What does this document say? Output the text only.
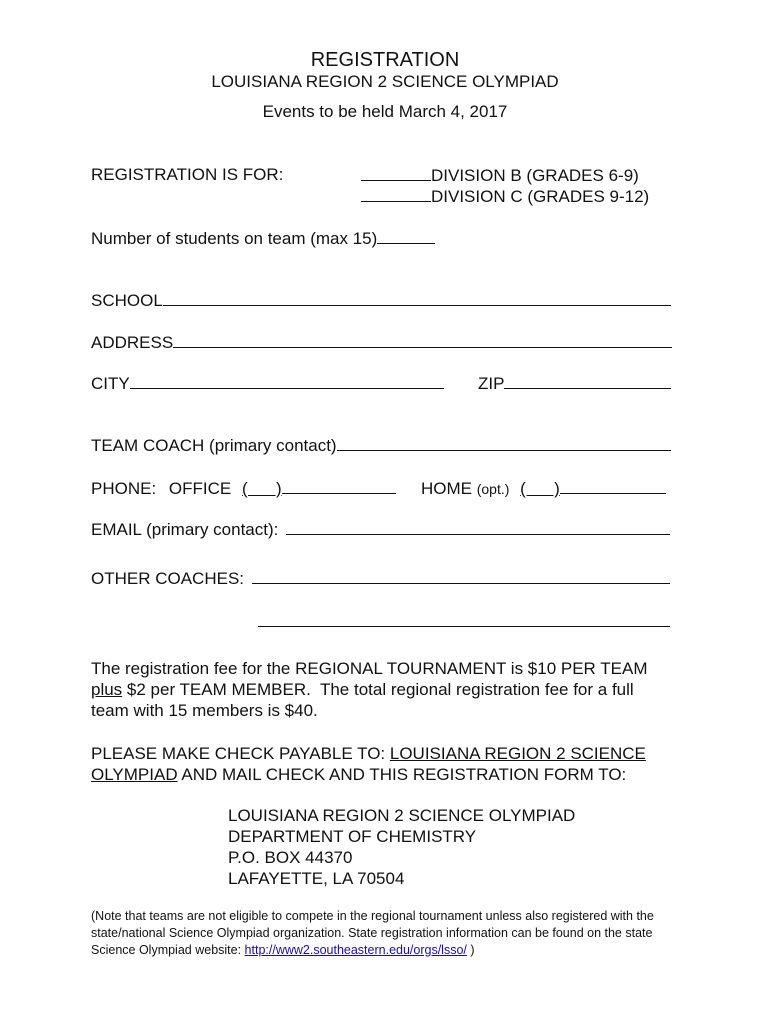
REGISTRATION
LOUISIANA REGION 2 SCIENCE OLYMPIAD
Events to be held March 4, 2017
REGISTRATION IS FOR:	DIVISION B (GRADES 6-9)
DIVISION C (GRADES 9-12)
Number of students on team (max 15)
SCHOOL
ADDRESS
CITY	ZIP
TEAM COACH (primary contact)
PHONE: OFFICE (      )	HOME (opt.) (      )
EMAIL (primary contact):
OTHER COACHES:
The registration fee for the REGIONAL TOURNAMENT is $10 PER TEAM
plus $2 per TEAM MEMBER.  The total regional registration fee for a full
team with 15 members is $40.
PLEASE MAKE CHECK PAYABLE TO: LOUISIANA REGION 2 SCIENCE
OLYMPIAD AND MAIL CHECK AND THIS REGISTRATION FORM TO:
LOUISIANA REGION 2 SCIENCE OLYMPIAD
DEPARTMENT OF CHEMISTRY
P.O. BOX 44370
LAFAYETTE, LA 70504
(Note that teams are not eligible to compete in the regional tournament unless also registered with the state/national Science Olympiad organization. State registration information can be found on the state Science Olympiad website: http://www2.southeastern.edu/orgs/lsso/ )
